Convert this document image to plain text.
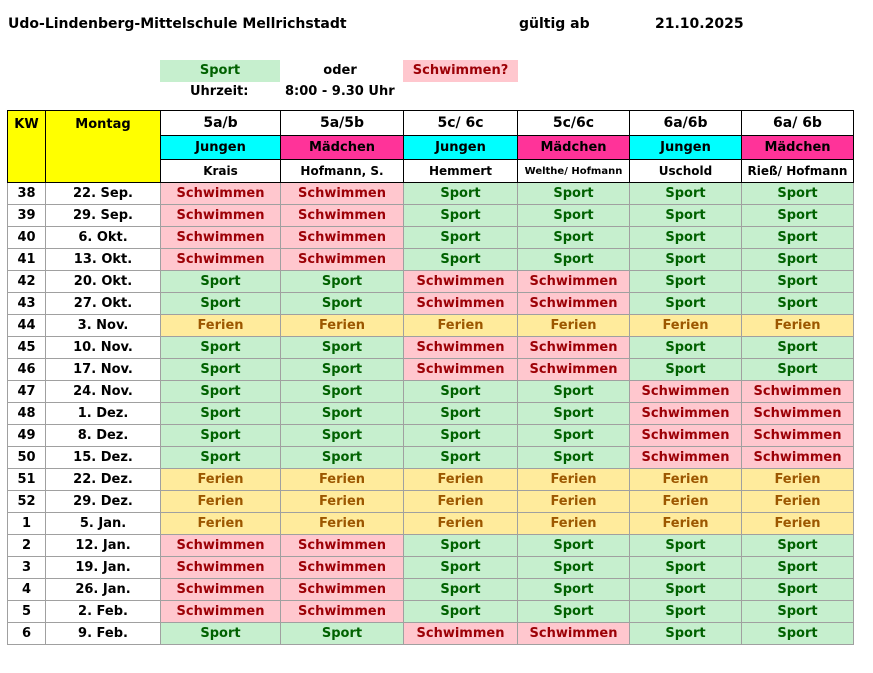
Udo-Lindenberg-Mittelschule Mellrichstadt	gültig ab	21.10.2025
Sport	oder	Schwimmen?
Uhrzeit:	8:00 - 9.30 Uhr
KW	Montag	5a/b	5a/5b	5c/ 6c	5c/6c	6a/6b	6a/ 6b
		Jungen	Mädchen	Jungen	Mädchen	Jungen	Mädchen
		Krais	Hofmann, S.	Hemmert	Welthe/ Hofmann	Uschold	Rieß/ Hofmann
38	22. Sep.	Schwimmen	Schwimmen	Sport	Sport	Sport	Sport
39	29. Sep.	Schwimmen	Schwimmen	Sport	Sport	Sport	Sport
40	6. Okt.	Schwimmen	Schwimmen	Sport	Sport	Sport	Sport
41	13. Okt.	Schwimmen	Schwimmen	Sport	Sport	Sport	Sport
42	20. Okt.	Sport	Sport	Schwimmen	Schwimmen	Sport	Sport
43	27. Okt.	Sport	Sport	Schwimmen	Schwimmen	Sport	Sport
44	3. Nov.	Ferien	Ferien	Ferien	Ferien	Ferien	Ferien
45	10. Nov.	Sport	Sport	Schwimmen	Schwimmen	Sport	Sport
46	17. Nov.	Sport	Sport	Schwimmen	Schwimmen	Sport	Sport
47	24. Nov.	Sport	Sport	Sport	Sport	Schwimmen	Schwimmen
48	1. Dez.	Sport	Sport	Sport	Sport	Schwimmen	Schwimmen
49	8. Dez.	Sport	Sport	Sport	Sport	Schwimmen	Schwimmen
50	15. Dez.	Sport	Sport	Sport	Sport	Schwimmen	Schwimmen
51	22. Dez.	Ferien	Ferien	Ferien	Ferien	Ferien	Ferien
52	29. Dez.	Ferien	Ferien	Ferien	Ferien	Ferien	Ferien
1	5. Jan.	Ferien	Ferien	Ferien	Ferien	Ferien	Ferien
2	12. Jan.	Schwimmen	Schwimmen	Sport	Sport	Sport	Sport
3	19. Jan.	Schwimmen	Schwimmen	Sport	Sport	Sport	Sport
4	26. Jan.	Schwimmen	Schwimmen	Sport	Sport	Sport	Sport
5	2. Feb.	Schwimmen	Schwimmen	Sport	Sport	Sport	Sport
6	9. Feb.	Sport	Sport	Schwimmen	Schwimmen	Sport	Sport
